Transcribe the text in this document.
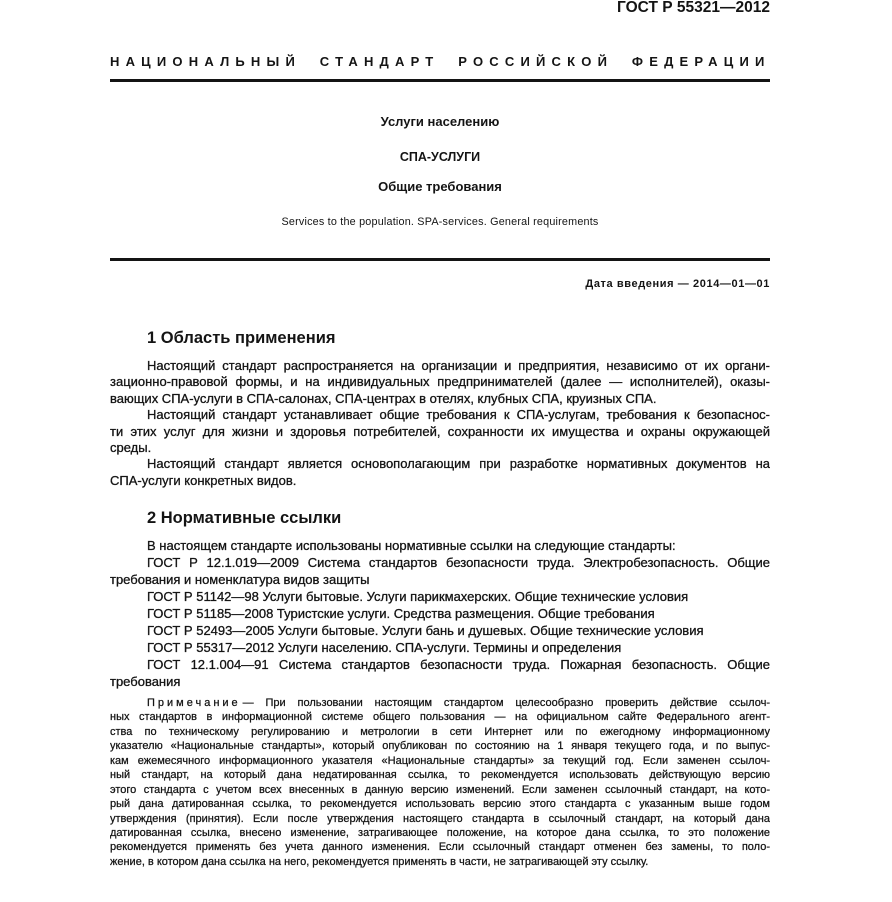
ГОСТ Р 55321—2012
НАЦИОНАЛЬНЫЙ СТАНДАРТ РОССИЙСКОЙ ФЕДЕРАЦИИ
Услуги населению
СПА-УСЛУГИ
Общие требования
Services to the population. SPA-services. General requirements
Дата введения — 2014—01—01
1 Область применения
Настоящий стандарт распространяется на организации и предприятия, независимо от их органи-
зационно-правовой формы, и на индивидуальных предпринимателей (далее — исполнителей), оказы-
вающих СПА-услуги в СПА-салонах, СПА-центрах в отелях, клубных СПА, круизных СПА.
Настоящий стандарт устанавливает общие требования к СПА-услугам, требования к безопаснос-
ти этих услуг для жизни и здоровья потребителей, сохранности их имущества и охраны окружающей
среды.
Настоящий стандарт является основополагающим при разработке нормативных документов на
СПА-услуги конкретных видов.
2 Нормативные ссылки
В настоящем стандарте использованы нормативные ссылки на следующие стандарты:
ГОСТ Р 12.1.019—2009 Система стандартов безопасности труда. Электробезопасность. Общие
требования и номенклатура видов защиты
ГОСТ Р 51142—98 Услуги бытовые. Услуги парикмахерских. Общие технические условия
ГОСТ Р 51185—2008 Туристские услуги. Средства размещения. Общие требования
ГОСТ Р 52493—2005 Услуги бытовые. Услуги бань и душевых. Общие технические условия
ГОСТ Р 55317—2012 Услуги населению. СПА-услуги. Термины и определения
ГОСТ 12.1.004—91 Система стандартов безопасности труда. Пожарная безопасность. Общие
требования
Примечание — При пользовании настоящим стандартом целесообразно проверить действие ссылоч-
ных стандартов в информационной системе общего пользования — на официальном сайте Федерального агент-
ства по техническому регулированию и метрологии в сети Интернет или по ежегодному информационному
указателю «Национальные стандарты», который опубликован по состоянию на 1 января текущего года, и по выпус-
кам ежемесячного информационного указателя «Национальные стандарты» за текущий год. Если заменен ссылоч-
ный стандарт, на который дана недатированная ссылка, то рекомендуется использовать действующую версию
этого стандарта с учетом всех внесенных в данную версию изменений. Если заменен ссылочный стандарт, на кото-
рый дана датированная ссылка, то рекомендуется использовать версию этого стандарта с указанным выше годом
утверждения (принятия). Если после утверждения настоящего стандарта в ссылочный стандарт, на который дана
датированная ссылка, внесено изменение, затрагивающее положение, на которое дана ссылка, то это положение
рекомендуется применять без учета данного изменения. Если ссылочный стандарт отменен без замены, то поло-
жение, в котором дана ссылка на него, рекомендуется применять в части, не затрагивающей эту ссылку.
